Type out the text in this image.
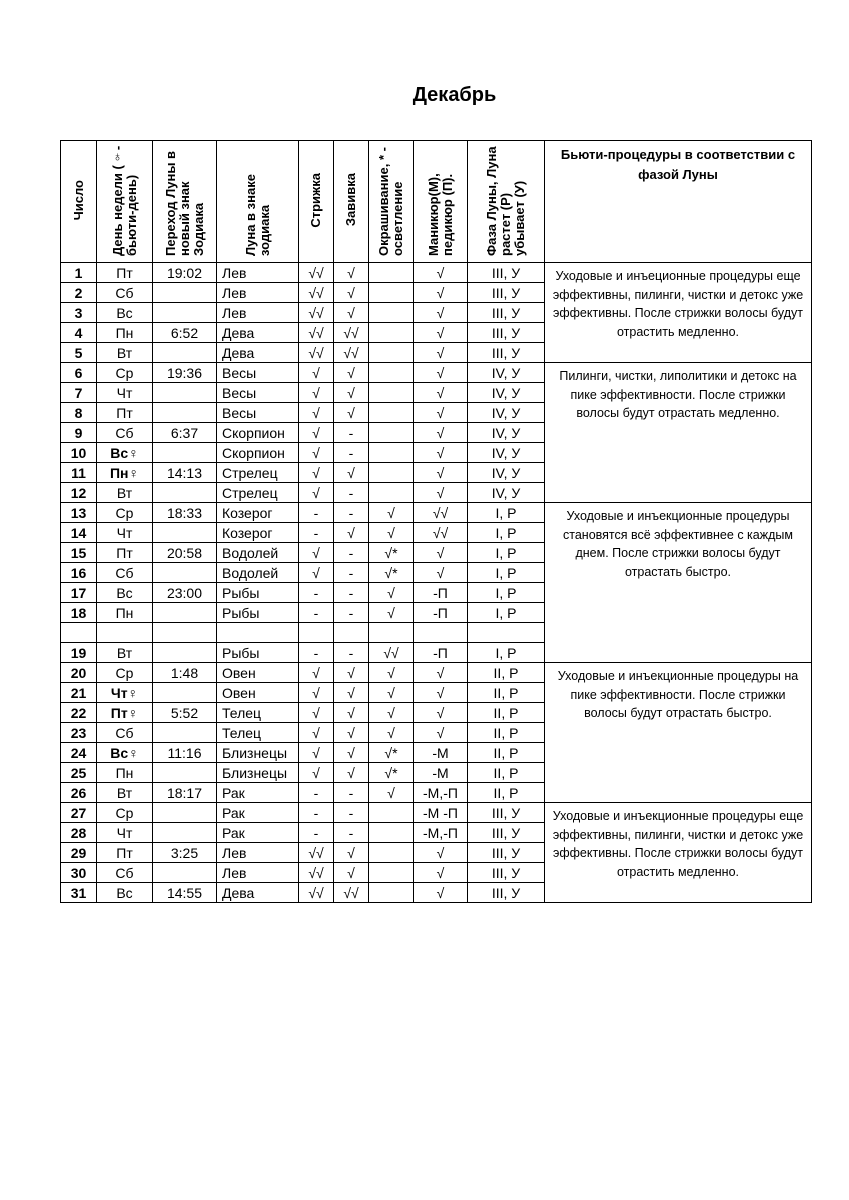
Декабрь
Число	День недели (♀- бьюти-день)	Переход Луны в новый знак Зодиака	Луна в знаке зодиака	Стрижка	Завивка	Окрашивание, * - осветление	Маникюр(М), педикюр (П).	Фаза Луны, Луна растет (Р) убывает (У)	Бьюти-процедуры в соответствии с фазой Луны
1	Пт	19:02	Лев	√√	√		√	III, У	Уходовые и инъеционные процедуры еще эффективны, пилинги, чистки и детокс уже эффективны. После стрижки волосы будут отрастить медленно.
2	Сб		Лев	√√	√		√	III, У	
3	Вс		Лев	√√	√		√	III, У	
4	Пн	6:52	Дева	√√	√√		√	III, У	
5	Вт		Дева	√√	√√		√	III, У	
6	Ср	19:36	Весы	√	√		√	IV, У	Пилинги, чистки, липолитики и детокс на пике эффективности. После стрижки волосы будут отрастать медленно.
7	Чт		Весы	√	√		√	IV, У	
8	Пт		Весы	√	√		√	IV, У	
9	Сб	6:37	Скорпион	√	-		√	IV, У	
10	Вс♀		Скорпион	√	-		√	IV, У	
11	Пн♀	14:13	Стрелец	√	√		√	IV, У	
12	Вт		Стрелец	√	-		√	IV, У	
13	Ср	18:33	Козерог	-	-	√	√√	I, Р	Уходовые и инъекционные процедуры становятся всё эффективнее с каждым днем. После стрижки волосы будут отрастать быстро.
14	Чт		Козерог	-	√	√	√√	I, Р	
15	Пт	20:58	Водолей	√	-	√*	√	I, Р	
16	Сб		Водолей	√	-	√*	√	I, Р	
17	Вс	23:00	Рыбы	-	-	√	-П	I, Р	
18	Пн		Рыбы	-	-	√	-П	I, Р	

19	Вт		Рыбы	-	-	√√	-П	I, Р	
20	Ср	1:48	Овен	√	√	√	√	II, Р	Уходовые и инъекционные процедуры на пике эффективности. После стрижки волосы будут отрастать быстро.
21	Чт♀		Овен	√	√	√	√	II, Р	
22	Пт♀	5:52	Телец	√	√	√	√	II, Р	
23	Сб		Телец	√	√	√	√	II, Р	
24	Вс♀	11:16	Близнецы	√	√	√*	-М	II, Р	
25	Пн		Близнецы	√	√	√*	-М	II, Р	
26	Вт	18:17	Рак	-	-	√	-М,-П	II, Р	
27	Ср		Рак	-	-		-М -П	III, У	Уходовые и инъекционные процедуры еще эффективны, пилинги, чистки и детокс уже эффективны. После стрижки волосы будут отрастить медленно.
28	Чт		Рак	-	-		-М,-П	III, У	
29	Пт	3:25	Лев	√√	√		√	III, У	
30	Сб		Лев	√√	√		√	III, У	
31	Вс	14:55	Дева	√√	√√		√	III, У	
